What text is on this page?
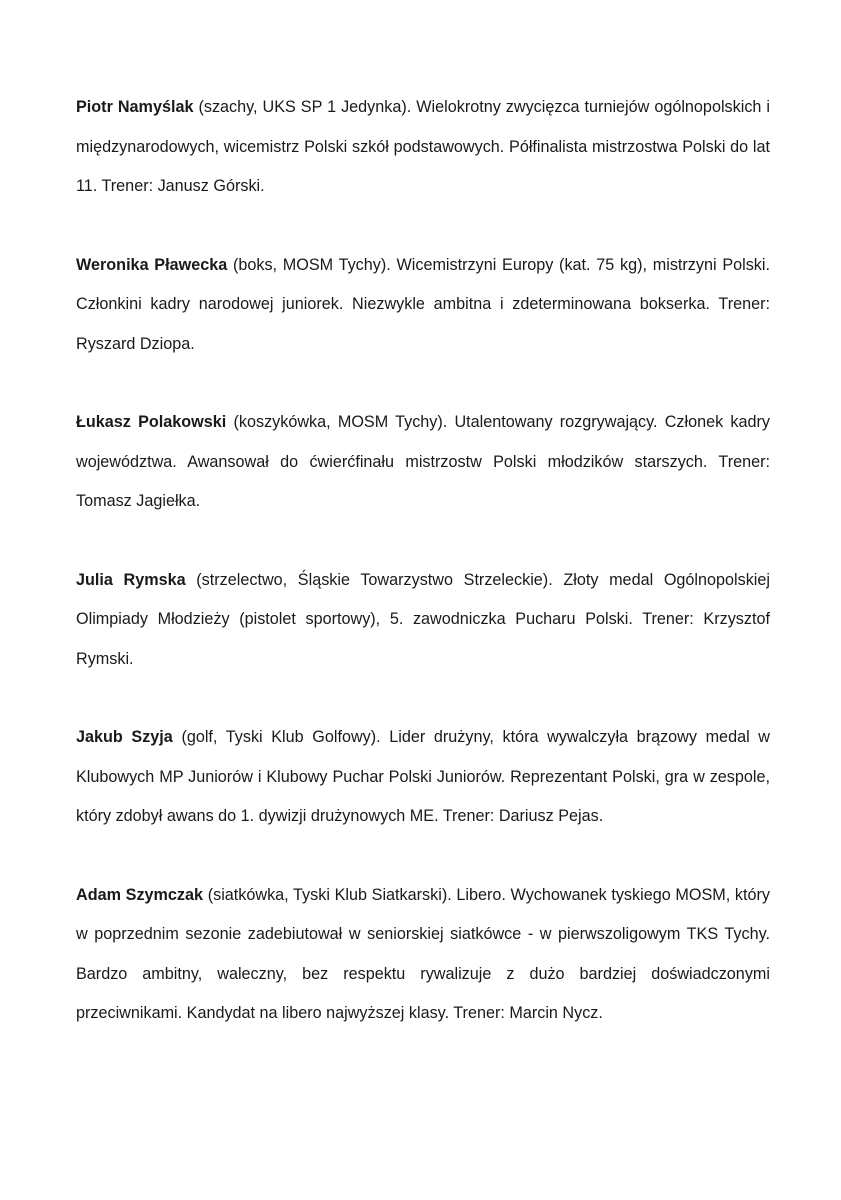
Piotr Namyślak (szachy, UKS SP 1 Jedynka). Wielokrotny zwycięzca turniejów ogólnopolskich i międzynarodowych, wicemistrz Polski szkół podstawowych. Półfinalista mistrzostwa Polski do lat 11. Trener: Janusz Górski.

Weronika Pławecka (boks, MOSM Tychy). Wicemistrzyni Europy (kat. 75 kg), mistrzyni Polski. Członkini kadry narodowej juniorek. Niezwykle ambitna i zdeterminowana bokserka. Trener: Ryszard Dziopa.

Łukasz Polakowski (koszykówka, MOSM Tychy). Utalentowany rozgrywający. Członek kadry województwa. Awansował do ćwierćfinału mistrzostw Polski młodzików starszych. Trener: Tomasz Jagiełka.

Julia Rymska (strzelectwo, Śląskie Towarzystwo Strzeleckie). Złoty medal Ogólnopolskiej Olimpiady Młodzieży (pistolet sportowy), 5. zawodniczka Pucharu Polski. Trener: Krzysztof Rymski.

Jakub Szyja (golf, Tyski Klub Golfowy). Lider drużyny, która wywalczyła brązowy medal w Klubowych MP Juniorów i Klubowy Puchar Polski Juniorów. Reprezentant Polski, gra w zespole, który zdobył awans do 1. dywizji drużynowych ME. Trener: Dariusz Pejas.

Adam Szymczak (siatkówka, Tyski Klub Siatkarski). Libero. Wychowanek tyskiego MOSM, który w poprzednim sezonie zadebiutował w seniorskiej siatkówce - w pierwszoligowym TKS Tychy. Bardzo ambitny, waleczny, bez respektu rywalizuje z dużo bardziej doświadczonymi przeciwnikami. Kandydat na libero najwyższej klasy. Trener: Marcin Nycz.
